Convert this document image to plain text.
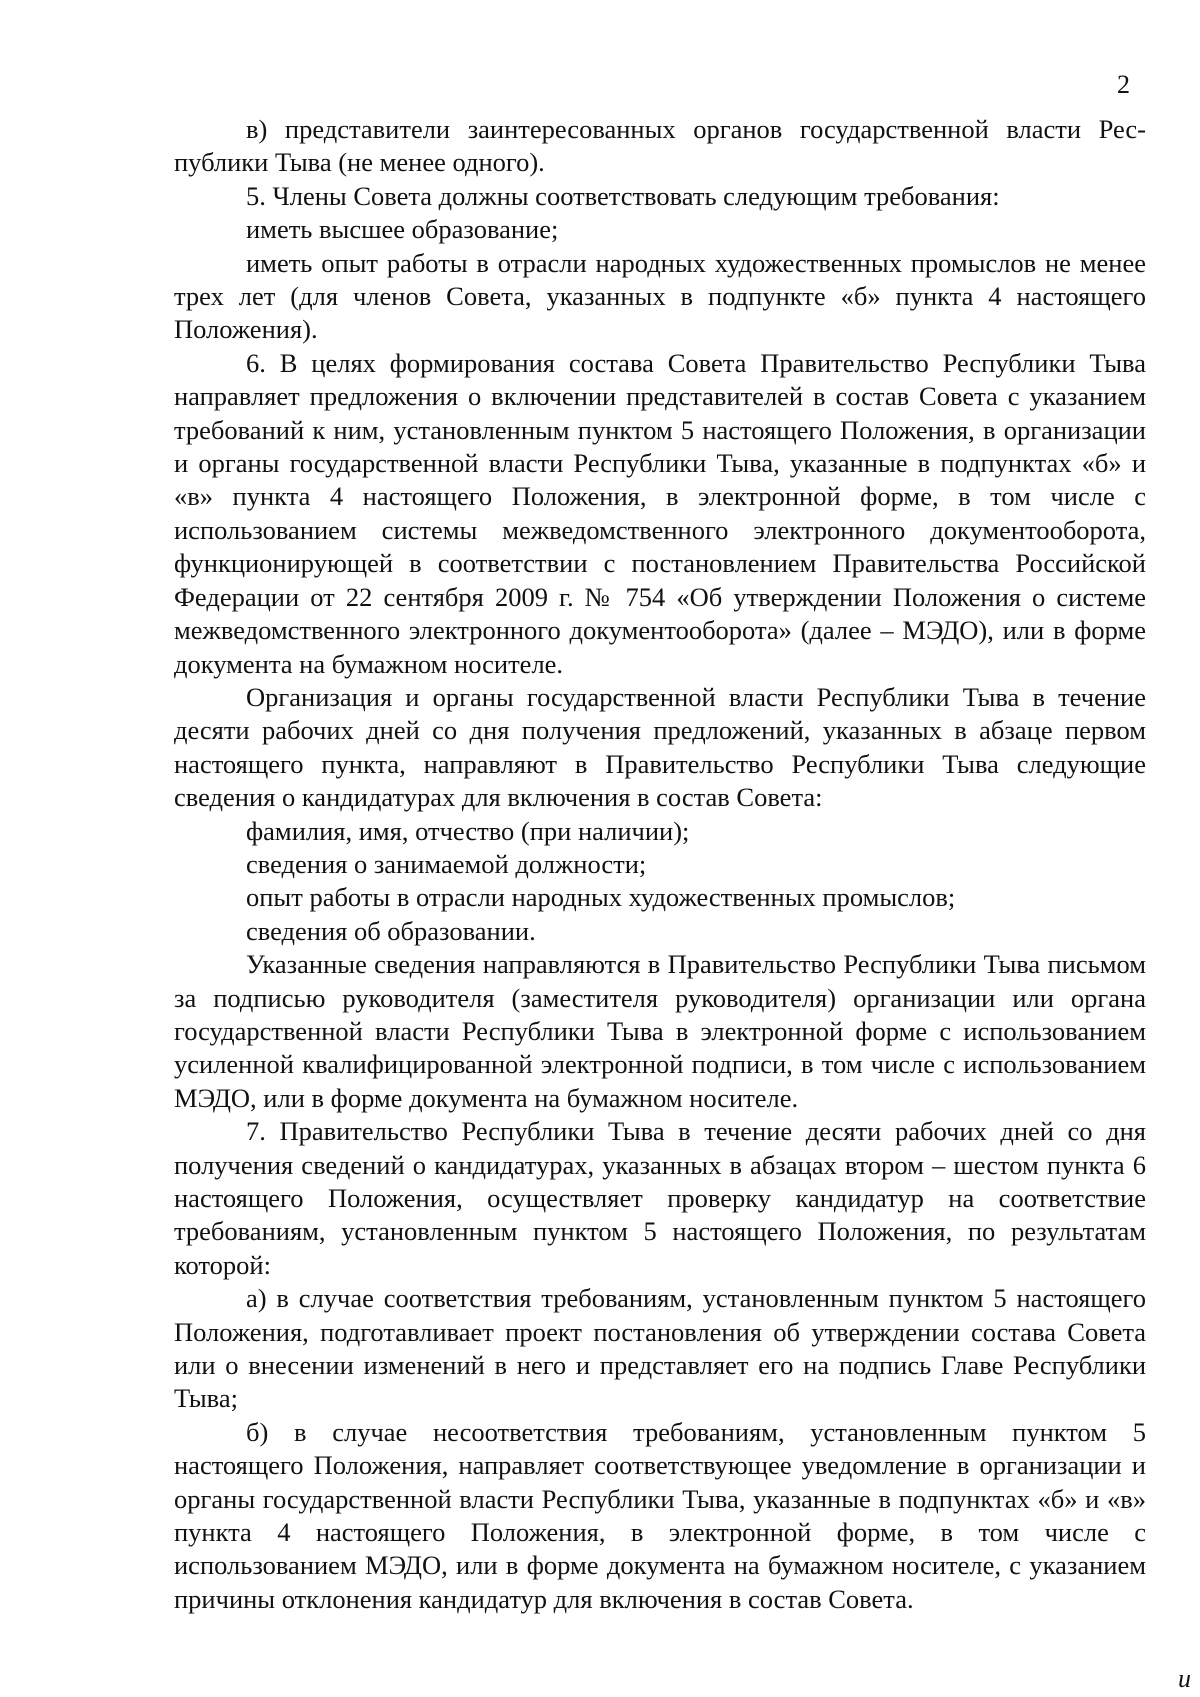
2

в) представители заинтересованных органов государственной власти Республики Тыва (не менее одного).

5. Члены Совета должны соответствовать следующим требования:

иметь высшее образование;

иметь опыт работы в отрасли народных художественных промыслов не менее трех лет (для членов Совета, указанных в подпункте «б» пункта 4 настоящего Положения).

6. В целях формирования состава Совета Правительство Республики Тыва направляет предложения о включении представителей в состав Совета с указанием требований к ним, установленным пунктом 5 настоящего Положения, в организации и органы государственной власти Республики Тыва, указанные в подпунктах «б» и «в» пункта 4 настоящего Положения, в электронной форме, в том числе с использованием системы межведомственного электронного документооборота, функционирующей в соответствии с постановлением Правительства Российской Федерации от 22 сентября 2009 г. № 754 «Об утверждении Положения о системе межведомственного электронного документооборота» (далее – МЭДО), или в форме документа на бумажном носителе.

Организация и органы государственной власти Республики Тыва в течение десяти рабочих дней со дня получения предложений, указанных в абзаце первом настоящего пункта, направляют в Правительство Республики Тыва следующие сведения о кандидатурах для включения в состав Совета:

фамилия, имя, отчество (при наличии);

сведения о занимаемой должности;

опыт работы в отрасли народных художественных промыслов;

сведения об образовании.

Указанные сведения направляются в Правительство Республики Тыва письмом за подписью руководителя (заместителя руководителя) организации или органа государственной власти Республики Тыва в электронной форме с использованием усиленной квалифицированной электронной подписи, в том числе с использованием МЭДО, или в форме документа на бумажном носителе.

7. Правительство Республики Тыва в течение десяти рабочих дней со дня получения сведений о кандидатурах, указанных в абзацах втором – шестом пункта 6 настоящего Положения, осуществляет проверку кандидатур на соответствие требованиям, установленным пунктом 5 настоящего Положения, по результатам которой:

а) в случае соответствия требованиям, установленным пунктом 5 настоящего Положения, подготавливает проект постановления об утверждении состава Совета или о внесении изменений в него и представляет его на подпись Главе Республики Тыва;

б) в случае несоответствия требованиям, установленным пунктом 5 настоящего Положения, направляет соответствующее уведомление в организации и органы государственной власти Республики Тыва, указанные в подпунктах «б» и «в» пункта 4 настоящего Положения, в электронной форме, в том числе с использованием МЭДО, или в форме документа на бумажном носителе, с указанием причины отклонения кандидатур для включения в состав Совета.

и
